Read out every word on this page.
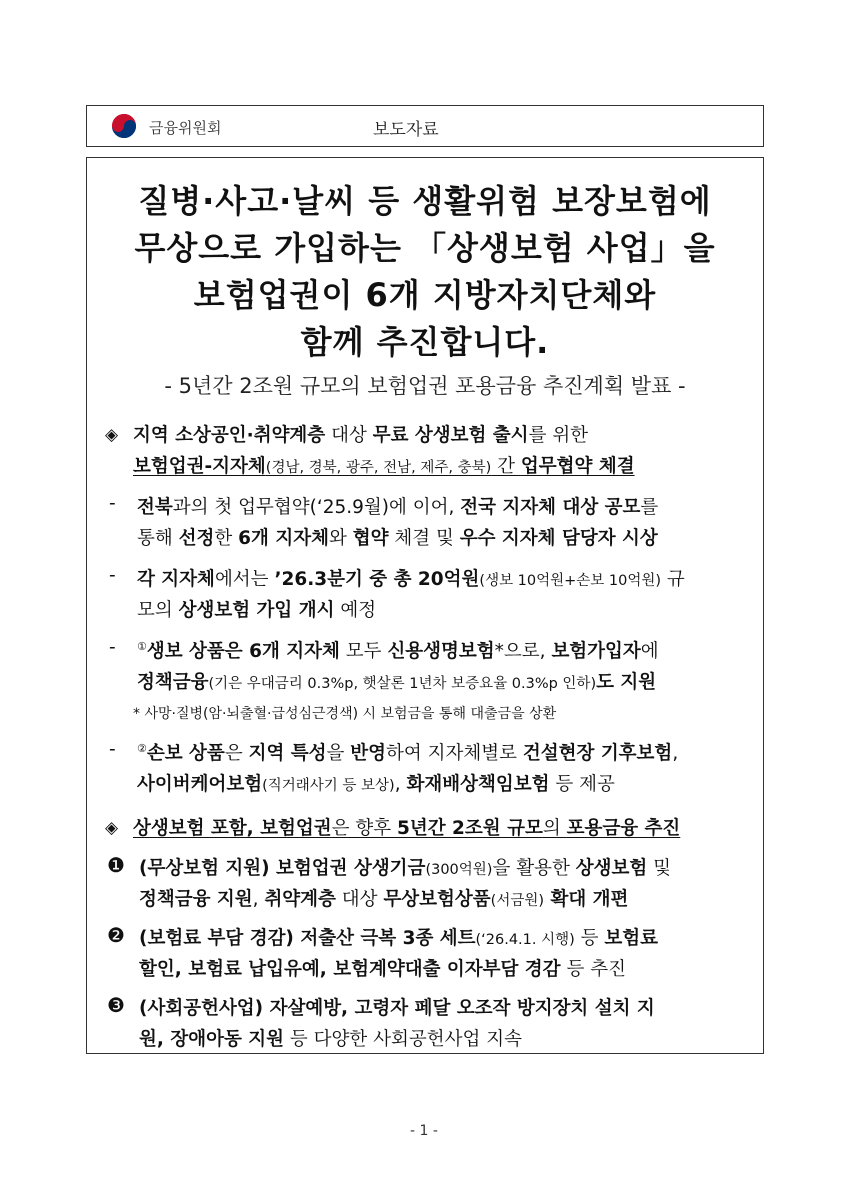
금융위원회	보도자료
질병·사고·날씨 등 생활위험 보장보험에
무상으로 가입하는 「상생보험 사업」을
보험업권이 6개 지방자치단체와
함께 추진합니다.
- 5년간 2조원 규모의 보험업권 포용금융 추진계획 발표 -
◈ 지역 소상공인·취약계층 대상 무료 상생보험 출시를 위한
보험업권-지자체(경남, 경북, 광주, 전남, 제주, 충북) 간 업무협약 체결
- 전북과의 첫 업무협약(‘25.9월)에 이어, 전국 지자체 대상 공모를
통해 선정한 6개 지자체와 협약 체결 및 우수 지자체 담당자 시상
- 각 지자체에서는 ’26.3분기 중 총 20억원(생보 10억원+손보 10억원) 규
모의 상생보험 가입 개시 예정
- ①생보 상품은 6개 지자체 모두 신용생명보험*으로, 보험가입자에
정책금융(기은 우대금리 0.3%p, 햇살론 1년차 보증요율 0.3%p 인하)도 지원
* 사망·질병(암·뇌출혈·급성심근경색) 시 보험금을 통해 대출금을 상환
- ②손보 상품은 지역 특성을 반영하여 지자체별로 건설현장 기후보험,
사이버케어보험(직거래사기 등 보상), 화재배상책임보험 등 제공
◈ 상생보험 포함, 보험업권은 향후 5년간 2조원 규모의 포용금융 추진
❶ (무상보험 지원) 보험업권 상생기금(300억원)을 활용한 상생보험 및
정책금융 지원, 취약계층 대상 무상보험상품(서금원) 확대 개편
❷ (보험료 부담 경감) 저출산 극복 3종 세트(‘26.4.1. 시행) 등 보험료
할인, 보험료 납입유예, 보험계약대출 이자부담 경감 등 추진
❸ (사회공헌사업) 자살예방, 고령자 페달 오조작 방지장치 설치 지
원, 장애아동 지원 등 다양한 사회공헌사업 지속
- 1 -
